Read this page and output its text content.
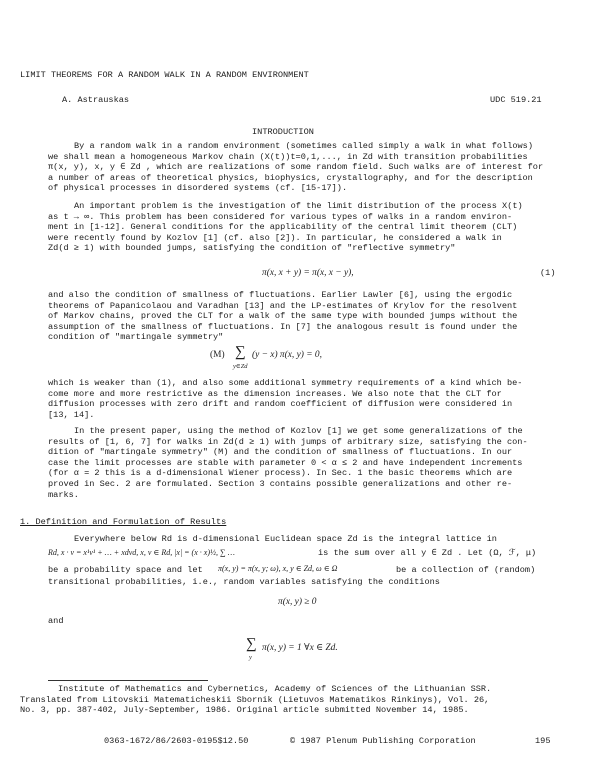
LIMIT THEOREMS FOR A RANDOM WALK IN A RANDOM ENVIRONMENT
A. Astrauskas	UDC 519.21
INTRODUCTION
By a random walk in a random environment (sometimes called simply a walk in what follows)
we shall mean a homogeneous Markov chain (X(t))t=0,1,..., in Zd with transition probabilities
π(x, y), x, y ∈ Zd , which are realizations of some random field. Such walks are of interest for
a number of areas of theoretical physics, biophysics, crystallography, and for the description
of physical processes in disordered systems (cf. [15-17]).
An important problem is the investigation of the limit distribution of the process X(t)
as t → ∞. This problem has been considered for various types of walks in a random environ-
ment in [1-12]. General conditions for the applicability of the central limit theorem (CLT)
were recently found by Kozlov [1] (cf. also [2]). In particular, he considered a walk in
Zd(d ≥ 1) with bounded jumps, satisfying the condition of "reflective symmetry"
π(x, x + y) = π(x, x − y),	(1)
and also the condition of smallness of fluctuations. Earlier Lawler [6], using the ergodic
theorems of Papanicolaou and Varadhan [13] and the LP-estimates of Krylov for the resolvent
of Markov chains, proved the CLT for a walk of the same type with bounded jumps without the
assumption of the smallness of fluctuations. In [7] the analogous result is found under the
condition of "martingale symmetry"
(M) ∑
y∈Zd
(y − x) π(x, y) = 0,
which is weaker than (1), and also some additional symmetry requirements of a kind which be-
come more and more restrictive as the dimension increases. We also note that the CLT for
diffusion processes with zero drift and random coefficient of diffusion were considered in
[13, 14].
In the present paper, using the method of Kozlov [1] we get some generalizations of the
results of [1, 6, 7] for walks in Zd(d ≥ 1) with jumps of arbitrary size, satisfying the con-
dition of "martingale symmetry" (M) and the condition of smallness of fluctuations. In our
case the limit processes are stable with parameter 0 < α ≤ 2 and have independent increments
(for α = 2 this is a d-dimensional Wiener process). In Sec. 1 the basic theorems which are
proved in Sec. 2 are formulated. Section 3 contains possible generalizations and other re-
marks.
1. Definition and Formulation of Results
Everywhere below Rd is d-dimensional Euclidean space Zd is the integral lattice in
Rd, x · v = x¹v¹ + … + xdvd, x, v ∈ Rd, |x| = (x · x)½, ∑ …	is the sum over all y ∈ Zd . Let (Ω, ℱ, μ)
be a probability space and let π(x, y) = π(x, y; ω), x, y ∈ Zd, ω ∈ Ω	be a collection of (random)
transitional probabilities, i.e., random variables satisfying the conditions
π(x, y) ≥ 0
and
∑
y
π(x, y) = 1 ∀x ∈ Zd.
Institute of Mathematics and Cybernetics, Academy of Sciences of the Lithuanian SSR.
Translated from Litovskii Matematicheskii Sbornik (Lietuvos Matematikos Rinkinys), Vol. 26,
No. 3, pp. 387-402, July-September, 1986. Original article submitted November 14, 1985.
0363-1672/86/2603-0195$12.50	© 1987 Plenum Publishing Corporation	195
